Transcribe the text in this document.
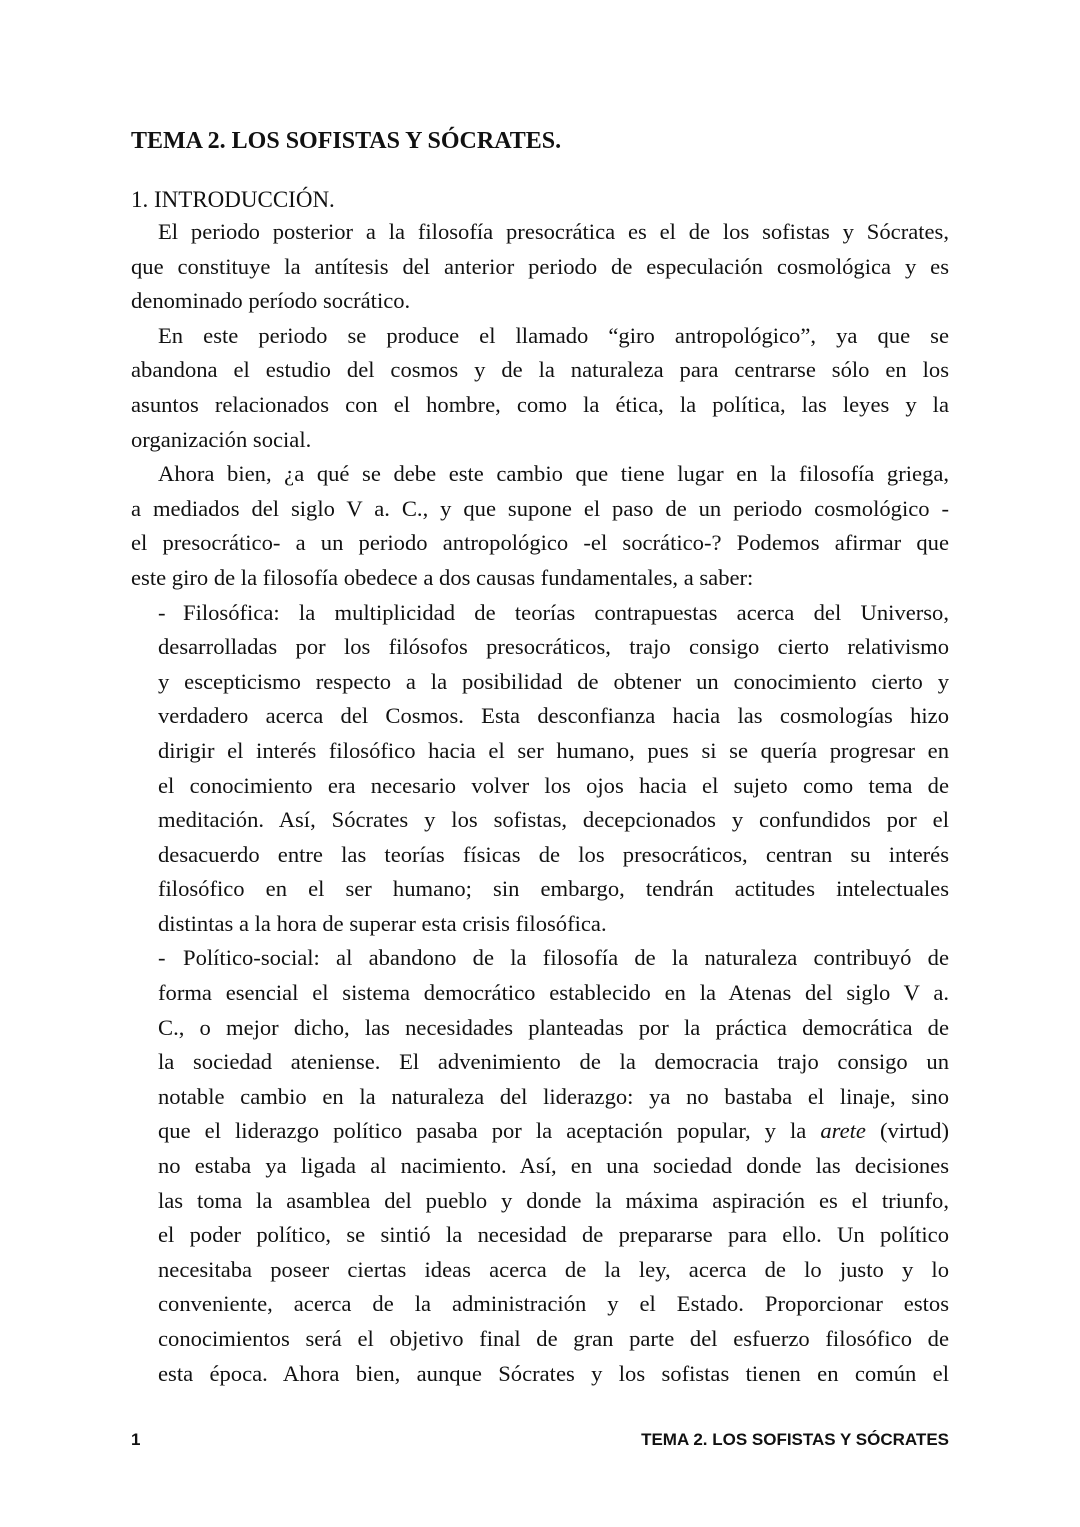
TEMA 2. LOS SOFISTAS Y SÓCRATES.
1. INTRODUCCIÓN.
El periodo posterior a la filosofía presocrática es el de los sofistas y Sócrates,
que constituye la antítesis del anterior periodo de especulación cosmológica y es
denominado período socrático.
En este periodo se produce el llamado “giro antropológico”, ya que se
abandona el estudio del cosmos y de la naturaleza para centrarse sólo en los
asuntos relacionados con el hombre, como la ética, la política, las leyes y la
organización social.
Ahora bien, ¿a qué se debe este cambio que tiene lugar en la filosofía griega,
a mediados del siglo V a. C., y que supone el paso de un periodo cosmológico -
el presocrático- a un periodo antropológico -el socrático-? Podemos afirmar que
este giro de la filosofía obedece a dos causas fundamentales, a saber:
- Filosófica: la multiplicidad de teorías contrapuestas acerca del Universo,
desarrolladas por los filósofos presocráticos, trajo consigo cierto relativismo
y escepticismo respecto a la posibilidad de obtener un conocimiento cierto y
verdadero acerca del Cosmos. Esta desconfianza hacia las cosmologías hizo
dirigir el interés filosófico hacia el ser humano, pues si se quería progresar en
el conocimiento era necesario volver los ojos hacia el sujeto como tema de
meditación. Así, Sócrates y los sofistas, decepcionados y confundidos por el
desacuerdo entre las teorías físicas de los presocráticos, centran su interés
filosófico en el ser humano; sin embargo, tendrán actitudes intelectuales
distintas a la hora de superar esta crisis filosófica.
- Político-social: al abandono de la filosofía de la naturaleza contribuyó de
forma esencial el sistema democrático establecido en la Atenas del siglo V a.
C., o mejor dicho, las necesidades planteadas por la práctica democrática de
la sociedad ateniense. El advenimiento de la democracia trajo consigo un
notable cambio en la naturaleza del liderazgo: ya no bastaba el linaje, sino
que el liderazgo político pasaba por la aceptación popular, y la arete (virtud)
no estaba ya ligada al nacimiento. Así, en una sociedad donde las decisiones
las toma la asamblea del pueblo y donde la máxima aspiración es el triunfo,
el poder político, se sintió la necesidad de prepararse para ello. Un político
necesitaba poseer ciertas ideas acerca de la ley, acerca de lo justo y lo
conveniente, acerca de la administración y el Estado. Proporcionar estos
conocimientos será el objetivo final de gran parte del esfuerzo filosófico de
esta época. Ahora bien, aunque Sócrates y los sofistas tienen en común el
1	TEMA 2. LOS SOFISTAS Y SÓCRATES
